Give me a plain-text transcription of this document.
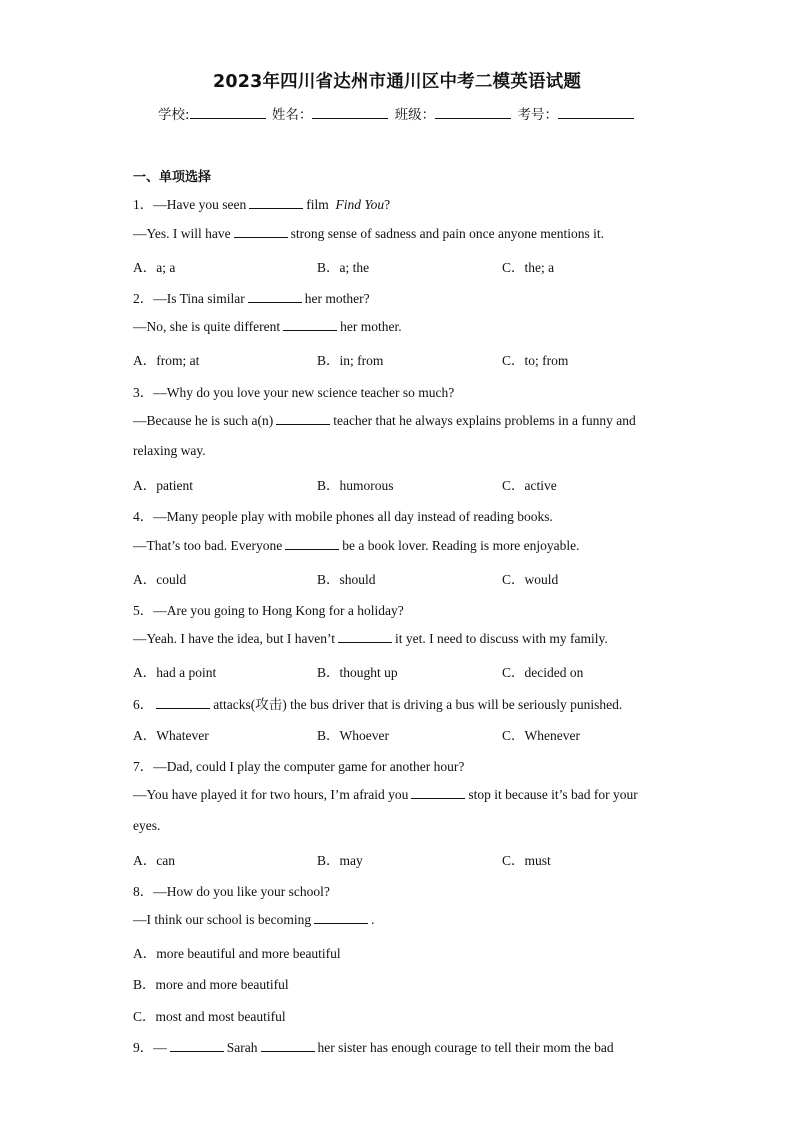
2023年四川省达州市通川区中考二模英语试题
学校:	姓名：	班级：	考号：
一、单项选择
1．—Have you seen	film Find You?
—Yes. I will have	strong sense of sadness and pain once anyone mentions it.
A．a; a	B．a; the	C．the; a
2．—Is Tina similar	her mother?
—No, she is quite different	her mother.
A．from; at	B．in; from	C．to; from
3．—Why do you love your new science teacher so much?
—Because he is such a(n)	teacher that he always explains problems in a funny and
relaxing way.
A．patient	B．humorous	C．active
4．—Many people play with mobile phones all day instead of reading books.
—That’s too bad. Everyone	be a book lover. Reading is more enjoyable.
A．could	B．should	C．would
5．—Are you going to Hong Kong for a holiday?
—Yeah. I have the idea, but I haven’t	it yet. I need to discuss with my family.
A．had a point	B．thought up	C．decided on
6．	attacks(攻击) the bus driver that is driving a bus will be seriously punished.
A．Whatever	B．Whoever	C．Whenever
7．—Dad, could I play the computer game for another hour?
—You have played it for two hours, I’m afraid you	stop it because it’s bad for your
eyes.
A．can	B．may	C．must
8．—How do you like your school?
—I think our school is becoming	.
A．more beautiful and more beautiful
B．more and more beautiful
C．most and most beautiful
9．—	Sarah	her sister has enough courage to tell their mom the bad
